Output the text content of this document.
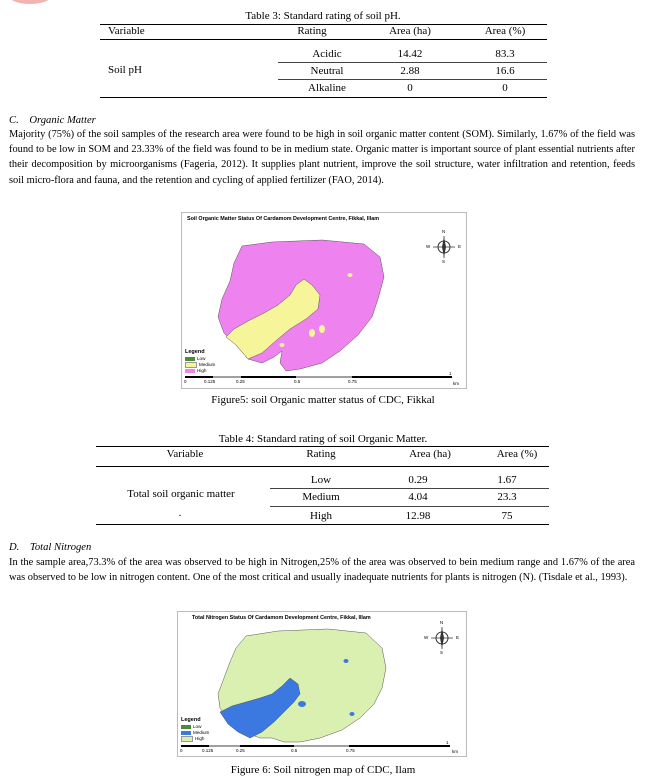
Table 3: Standard rating of soil pH.
Variable	Rating	Area (ha)	Area (%)
Soil pH
Acidic	14.42	83.3
Neutral	2.88	16.6
Alkaline	0	0
C. Organic Matter
Majority (75%) of the soil samples of the research area were found to be high in soil organic matter content (SOM). Similarly, 1.67% of the field was found to be low in SOM and 23.33% of the field was found to be in medium state. Organic matter is important source of plant essential nutrients after their decomposition by microorganisms (Fageria, 2012). It supplies plant nutrient, improve the soil structure, water infiltration and retention, feeds soil micro-flora and fauna, and the retention and cycling of applied fertilizer (FAO, 2014).
Soil Organic Matter Status Of Cardamom Development Centre, Fikkal, Illam
N
S
E
W
Legend
Low
Medium
High
0	0.125	0.25	0.5	0.75
1
km
Figure5: soil Organic matter status of CDC, Fikkal
Table 4: Standard rating of soil Organic Matter.
Variable	Rating	Area (ha)	Area (%)
Total soil organic matter
.
Low	0.29	1.67
Medium	4.04	23.3
High	12.98	75
D. Total Nitrogen
In the sample area,73.3% of the area was observed to be high in Nitrogen,25% of the area was observed to bein medium range and 1.67% of the area was observed to be low in nitrogen content. One of the most critical and usually inadequate nutrients for plants is nitrogen (N). (Tisdale et al., 1993).
Total Nitrogen Status Of Cardamom Development Centre, Fikkal, Illam
N
S
E
W
Legend
Low
Medium
High
0	0.125	0.25	0.5	0.75
1
km
Figure 6: Soil nitrogen map of CDC, Ilam
